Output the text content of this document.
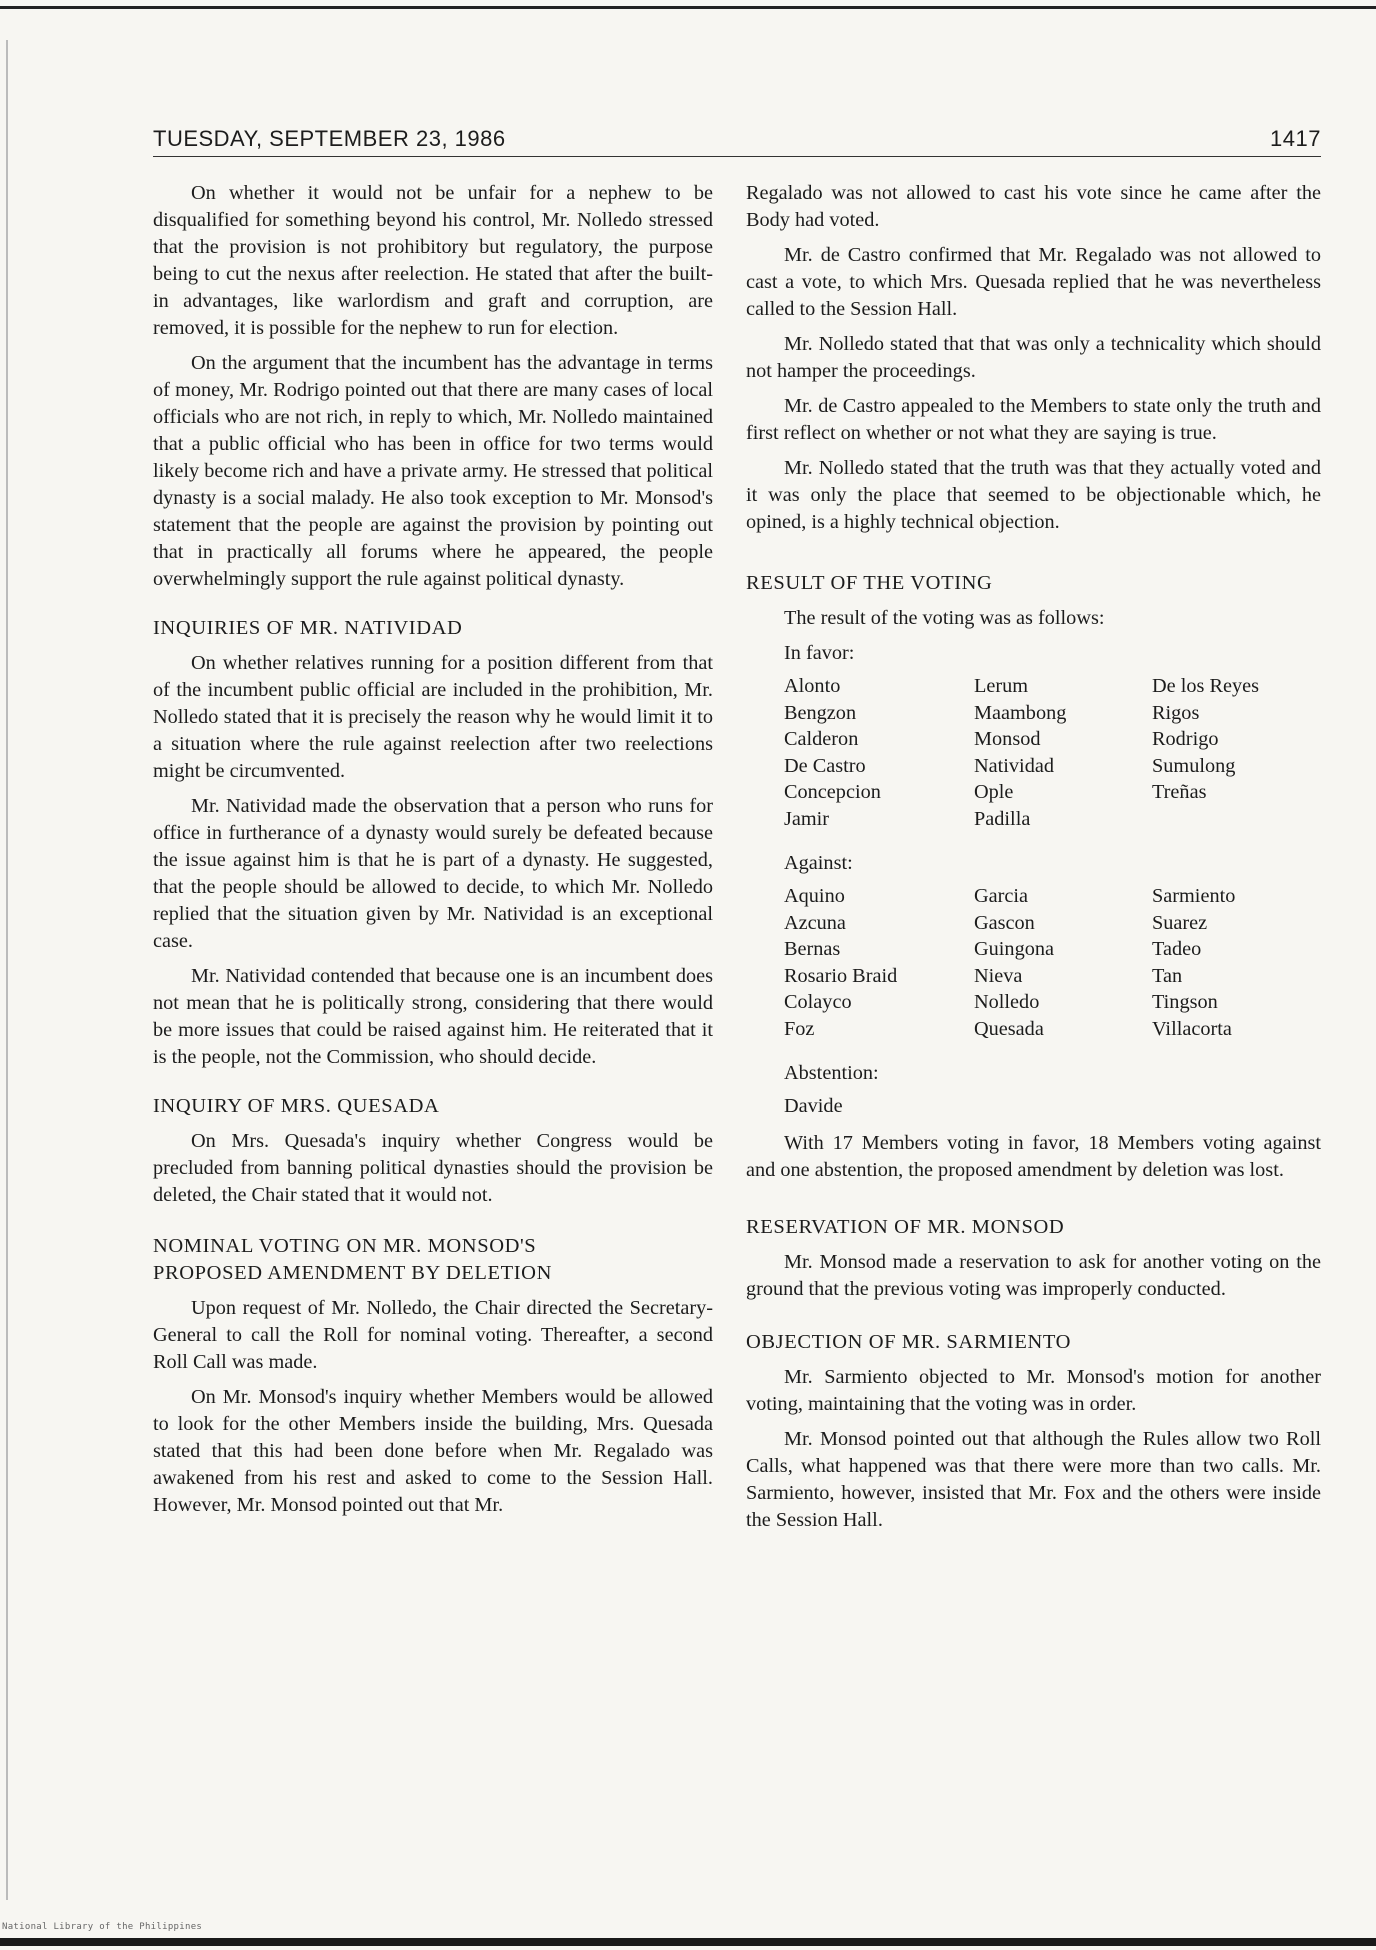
TUESDAY, SEPTEMBER 23, 1986	1417

On whether it would not be unfair for a nephew to be disqualified for something beyond his control, Mr. Nolledo stressed that the provision is not prohibitory but regulatory, the purpose being to cut the nexus after reelection. He stated that after the built-in advantages, like warlordism and graft and corruption, are removed, it is possible for the nephew to run for election.

On the argument that the incumbent has the advantage in terms of money, Mr. Rodrigo pointed out that there are many cases of local officials who are not rich, in reply to which, Mr. Nolledo maintained that a public official who has been in office for two terms would likely become rich and have a private army. He stressed that political dynasty is a social malady. He also took exception to Mr. Monsod's statement that the people are against the provision by pointing out that in practically all forums where he appeared, the people overwhelmingly support the rule against political dynasty.

INQUIRIES OF MR. NATIVIDAD

On whether relatives running for a position different from that of the incumbent public official are included in the prohibition, Mr. Nolledo stated that it is precisely the reason why he would limit it to a situation where the rule against reelection after two reelections might be circumvented.

Mr. Natividad made the observation that a person who runs for office in furtherance of a dynasty would surely be defeated because the issue against him is that he is part of a dynasty. He suggested, that the people should be allowed to decide, to which Mr. Nolledo replied that the situation given by Mr. Natividad is an exceptional case.

Mr. Natividad contended that because one is an incumbent does not mean that he is politically strong, considering that there would be more issues that could be raised against him. He reiterated that it is the people, not the Commission, who should decide.

INQUIRY OF MRS. QUESADA

On Mrs. Quesada's inquiry whether Congress would be precluded from banning political dynasties should the provision be deleted, the Chair stated that it would not.

NOMINAL VOTING ON MR. MONSOD'S
PROPOSED AMENDMENT BY DELETION

Upon request of Mr. Nolledo, the Chair directed the Secretary-General to call the Roll for nominal voting. Thereafter, a second Roll Call was made.

On Mr. Monsod's inquiry whether Members would be allowed to look for the other Members inside the building, Mrs. Quesada stated that this had been done before when Mr. Regalado was awakened from his rest and asked to come to the Session Hall. However, Mr. Monsod pointed out that Mr.

Regalado was not allowed to cast his vote since he came after the Body had voted.

Mr. de Castro confirmed that Mr. Regalado was not allowed to cast a vote, to which Mrs. Quesada replied that he was nevertheless called to the Session Hall.

Mr. Nolledo stated that that was only a technicality which should not hamper the proceedings.

Mr. de Castro appealed to the Members to state only the truth and first reflect on whether or not what they are saying is true.

Mr. Nolledo stated that the truth was that they actually voted and it was only the place that seemed to be objectionable which, he opined, is a highly technical objection.

RESULT OF THE VOTING

The result of the voting was as follows:

In favor:
Alonto	Lerum	De los Reyes
Bengzon	Maambong	Rigos
Calderon	Monsod	Rodrigo
De Castro	Natividad	Sumulong
Concepcion	Ople	Treñas
Jamir	Padilla
Against:
Aquino	Garcia	Sarmiento
Azcuna	Gascon	Suarez
Bernas	Guingona	Tadeo
Rosario Braid	Nieva	Tan
Colayco	Nolledo	Tingson
Foz	Quesada	Villacorta
Abstention:
Davide

With 17 Members voting in favor, 18 Members voting against and one abstention, the proposed amendment by deletion was lost.

RESERVATION OF MR. MONSOD

Mr. Monsod made a reservation to ask for another voting on the ground that the previous voting was improperly conducted.

OBJECTION OF MR. SARMIENTO

Mr. Sarmiento objected to Mr. Monsod's motion for another voting, maintaining that the voting was in order.

Mr. Monsod pointed out that although the Rules allow two Roll Calls, what happened was that there were more than two calls. Mr. Sarmiento, however, insisted that Mr. Fox and the others were inside the Session Hall.

National Library of the Philippines
